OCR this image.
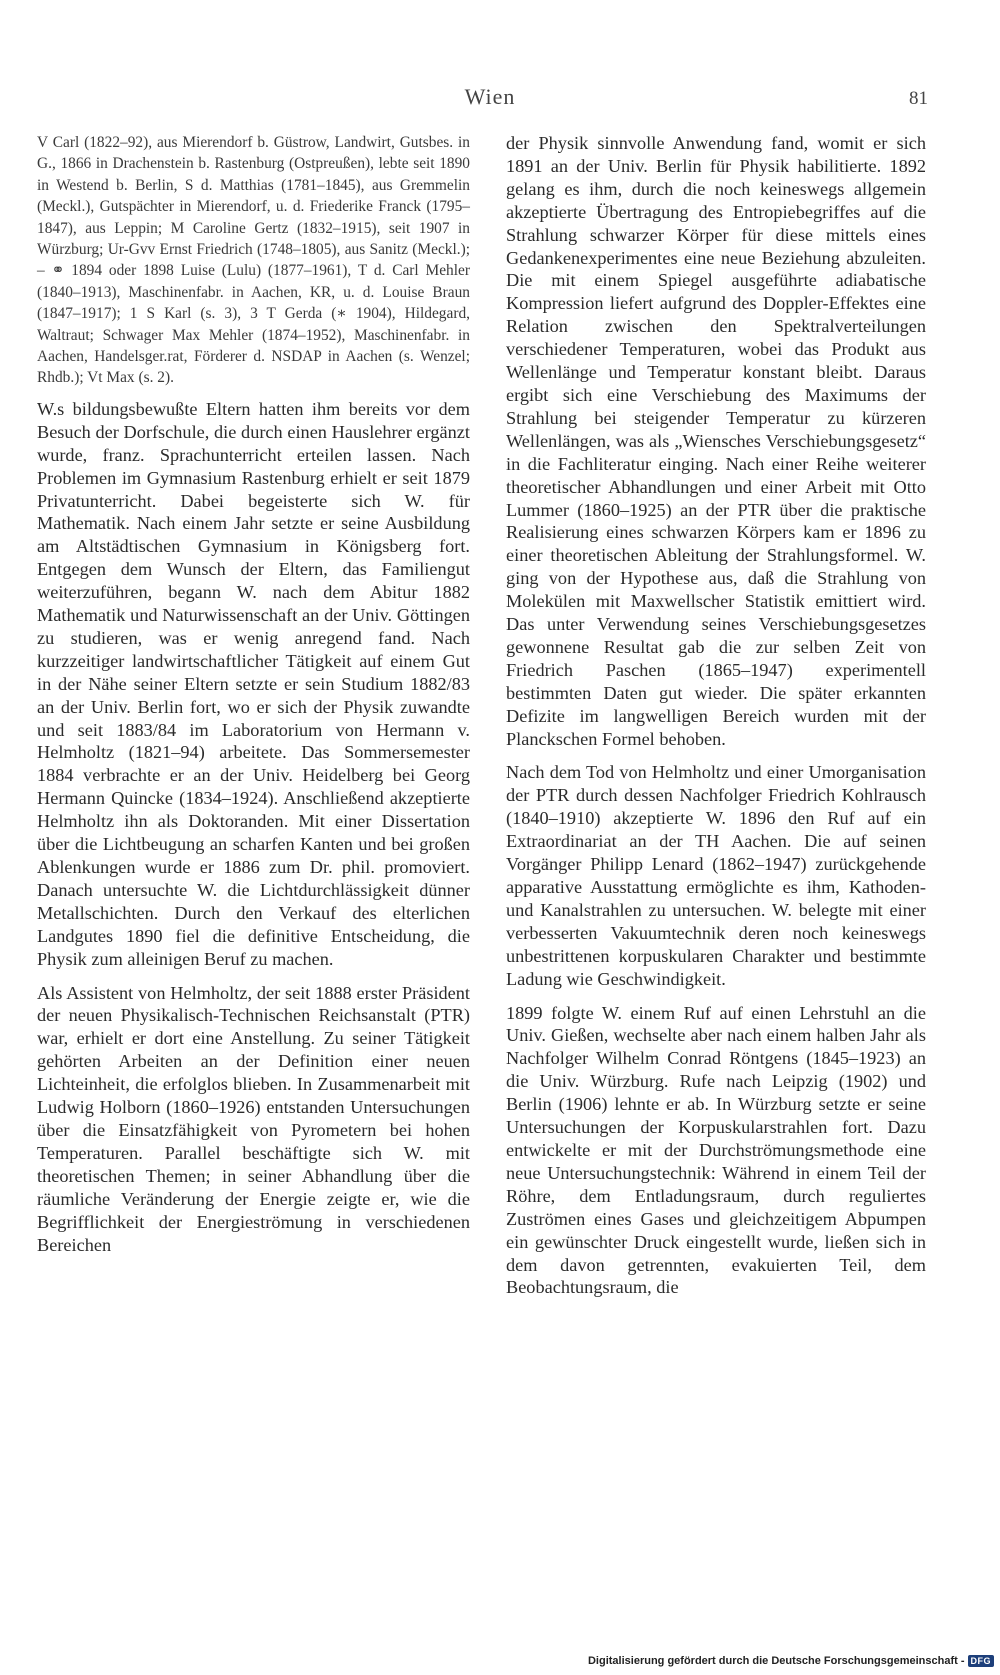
Wien	81

V Carl (1822–92), aus Mierendorf b. Güstrow, Landwirt, Gutsbes. in G., 1866 in Drachenstein b. Rastenburg (Ostpreußen), lebte seit 1890 in Westend b. Berlin, S d. Matthias (1781–1845), aus Gremmelin (Meckl.), Gutspächter in Mierendorf, u. d. Friederike Franck (1795–1847), aus Leppin; M Caroline Gertz (1832–1915), seit 1907 in Würzburg; Ur-Gvv Ernst Friedrich (1748–1805), aus Sanitz (Meckl.); – ⚭ 1894 oder 1898 Luise (Lulu) (1877–1961), T d. Carl Mehler (1840–1913), Maschinenfabr. in Aachen, KR, u. d. Louise Braun (1847–1917); 1 S Karl (s. 3), 3 T Gerda (∗ 1904), Hildegard, Waltraut; Schwager Max Mehler (1874–1952), Maschinenfabr. in Aachen, Handelsger.rat, Förderer d. NSDAP in Aachen (s. Wenzel; Rhdb.); Vt Max (s. 2).

W.s bildungsbewußte Eltern hatten ihm bereits vor dem Besuch der Dorfschule, die durch einen Hauslehrer ergänzt wurde, franz. Sprachunterricht erteilen lassen. Nach Problemen im Gymnasium Rastenburg erhielt er seit 1879 Privatunterricht. Dabei begeisterte sich W. für Mathematik. Nach einem Jahr setzte er seine Ausbildung am Altstädtischen Gymnasium in Königsberg fort. Entgegen dem Wunsch der Eltern, das Familiengut weiterzuführen, begann W. nach dem Abitur 1882 Mathematik und Naturwissenschaft an der Univ. Göttingen zu studieren, was er wenig anregend fand. Nach kurzzeitiger landwirtschaftlicher Tätigkeit auf einem Gut in der Nähe seiner Eltern setzte er sein Studium 1882/83 an der Univ. Berlin fort, wo er sich der Physik zuwandte und seit 1883/84 im Laboratorium von Hermann v. Helmholtz (1821–94) arbeitete. Das Sommersemester 1884 verbrachte er an der Univ. Heidelberg bei Georg Hermann Quincke (1834–1924). Anschließend akzeptierte Helmholtz ihn als Doktoranden. Mit einer Dissertation über die Lichtbeugung an scharfen Kanten und bei großen Ablenkungen wurde er 1886 zum Dr. phil. promoviert. Danach untersuchte W. die Lichtdurchlässigkeit dünner Metallschichten. Durch den Verkauf des elterlichen Landgutes 1890 fiel die definitive Entscheidung, die Physik zum alleinigen Beruf zu machen.

Als Assistent von Helmholtz, der seit 1888 erster Präsident der neuen Physikalisch-Technischen Reichsanstalt (PTR) war, erhielt er dort eine Anstellung. Zu seiner Tätigkeit gehörten Arbeiten an der Definition einer neuen Lichteinheit, die erfolglos blieben. In Zusammenarbeit mit Ludwig Holborn (1860–1926) entstanden Untersuchungen über die Einsatzfähigkeit von Pyrometern bei hohen Temperaturen. Parallel beschäftigte sich W. mit theoretischen Themen; in seiner Abhandlung über die räumliche Veränderung der Energie zeigte er, wie die Begrifflichkeit der Energieströmung in verschiedenen Bereichen

der Physik sinnvolle Anwendung fand, womit er sich 1891 an der Univ. Berlin für Physik habilitierte. 1892 gelang es ihm, durch die noch keineswegs allgemein akzeptierte Übertragung des Entropiebegriffes auf die Strahlung schwarzer Körper für diese mittels eines Gedankenexperimentes eine neue Beziehung abzuleiten. Die mit einem Spiegel ausgeführte adiabatische Kompression liefert aufgrund des Doppler-Effektes eine Relation zwischen den Spektralverteilungen verschiedener Temperaturen, wobei das Produkt aus Wellenlänge und Temperatur konstant bleibt. Daraus ergibt sich eine Verschiebung des Maximums der Strahlung bei steigender Temperatur zu kürzeren Wellenlängen, was als „Wiensches Verschiebungsgesetz“ in die Fachliteratur einging. Nach einer Reihe weiterer theoretischer Abhandlungen und einer Arbeit mit Otto Lummer (1860–1925) an der PTR über die praktische Realisierung eines schwarzen Körpers kam er 1896 zu einer theoretischen Ableitung der Strahlungsformel. W. ging von der Hypothese aus, daß die Strahlung von Molekülen mit Maxwellscher Statistik emittiert wird. Das unter Verwendung seines Verschiebungsgesetzes gewonnene Resultat gab die zur selben Zeit von Friedrich Paschen (1865–1947) experimentell bestimmten Daten gut wieder. Die später erkannten Defizite im langwelligen Bereich wurden mit der Planckschen Formel behoben.

Nach dem Tod von Helmholtz und einer Umorganisation der PTR durch dessen Nachfolger Friedrich Kohlrausch (1840–1910) akzeptierte W. 1896 den Ruf auf ein Extraordinariat an der TH Aachen. Die auf seinen Vorgänger Philipp Lenard (1862–1947) zurückgehende apparative Ausstattung ermöglichte es ihm, Kathoden- und Kanalstrahlen zu untersuchen. W. belegte mit einer verbesserten Vakuumtechnik deren noch keineswegs unbestrittenen korpuskularen Charakter und bestimmte Ladung wie Geschwindigkeit.

1899 folgte W. einem Ruf auf einen Lehrstuhl an die Univ. Gießen, wechselte aber nach einem halben Jahr als Nachfolger Wilhelm Conrad Röntgens (1845–1923) an die Univ. Würzburg. Rufe nach Leipzig (1902) und Berlin (1906) lehnte er ab. In Würzburg setzte er seine Untersuchungen der Korpuskularstrahlen fort. Dazu entwickelte er mit der Durchströmungsmethode eine neue Untersuchungstechnik: Während in einem Teil der Röhre, dem Entladungsraum, durch reguliertes Zuströmen eines Gases und gleichzeitigem Abpumpen ein gewünschter Druck eingestellt wurde, ließen sich in dem davon getrennten, evakuierten Teil, dem Beobachtungsraum, die

Digitalisierung gefördert durch die Deutsche Forschungsgemeinschaft - DFG
